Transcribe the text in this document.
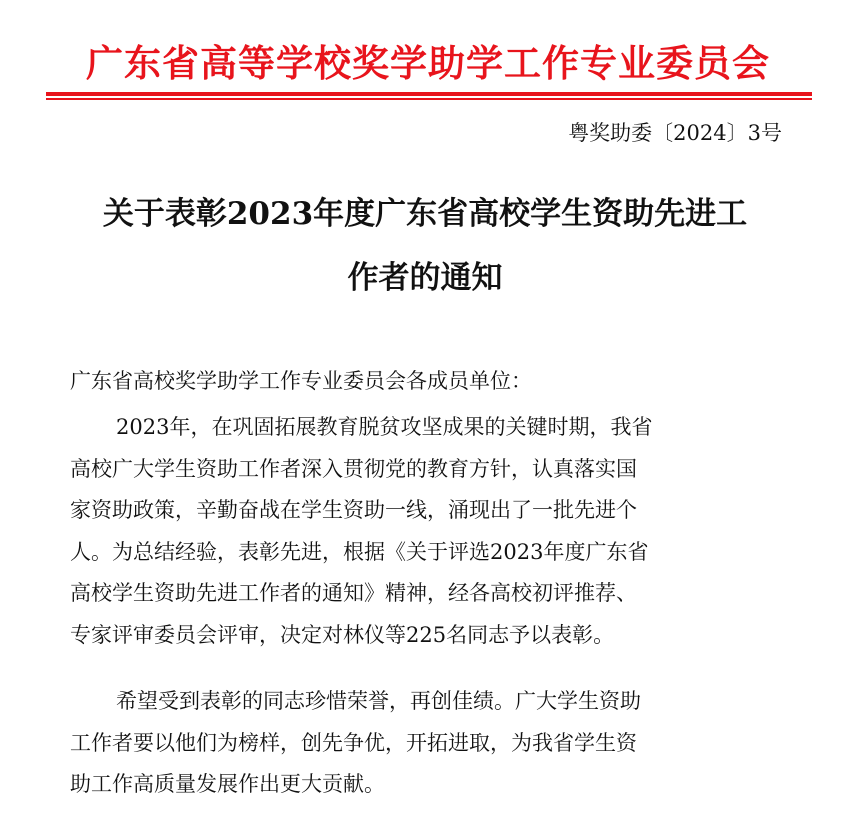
广东省高等学校奖学助学工作专业委员会
粤奖助委〔2024〕3号
关于表彰2023年度广东省高校学生资助先进工
作者的通知
广东省高校奖学助学工作专业委员会各成员单位：
2023年，在巩固拓展教育脱贫攻坚成果的关键时期，我省
高校广大学生资助工作者深入贯彻党的教育方针，认真落实国
家资助政策，辛勤奋战在学生资助一线，涌现出了一批先进个
人。为总结经验，表彰先进，根据《关于评选2023年度广东省
高校学生资助先进工作者的通知》精神，经各高校初评推荐、
专家评审委员会评审，决定对林仪等225名同志予以表彰。
希望受到表彰的同志珍惜荣誉，再创佳绩。广大学生资助
工作者要以他们为榜样，创先争优，开拓进取，为我省学生资
助工作高质量发展作出更大贡献。
